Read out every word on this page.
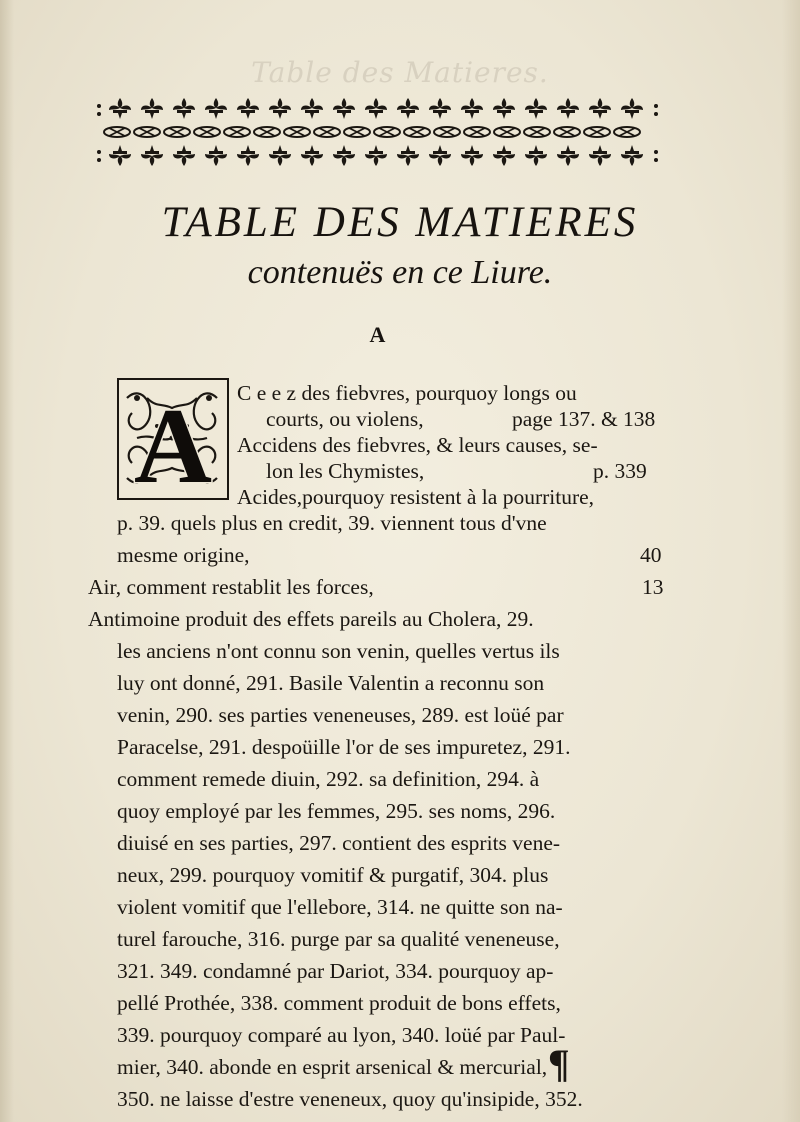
Table des Matieres.
TABLE DES MATIERES
contenuës en ce Liure.
A
A C e e z des fiebvres, pourquoy longs ou
courts, ou violens,	page 137. & 138
Accidens des fiebvres, & leurs causes, se-
lon les Chymistes,	p. 339
Acides,pourquoy resistent à la pourriture,
p. 39. quels plus en credit, 39. viennent tous d'vne
mesme origine,	40
Air, comment restablit les forces,	13
Antimoine produit des effets pareils au Cholera, 29.
les anciens n'ont connu son venin, quelles vertus ils
luy ont donné, 291. Basile Valentin a reconnu son
venin, 290. ses parties veneneuses, 289. est loüé par
Paracelse, 291. despoüille l'or de ses impuretez, 291.
comment remede diuin, 292. sa definition, 294. à
quoy employé par les femmes, 295. ses noms, 296.
diuisé en ses parties, 297. contient des esprits vene-
neux, 299. pourquoy vomitif & purgatif, 304. plus
violent vomitif que l'ellebore, 314. ne quitte son na-
turel farouche, 316. purge par sa qualité veneneuse,
321. 349. condamné par Dariot, 334. pourquoy ap-
pellé Prothée, 338. comment produit de bons effets,
339. pourquoy comparé au lyon, 340. loüé par Paul-
mier, 340. abonde en esprit arsenical & mercurial,
350. ne laisse d'estre veneneux, quoy qu'insipide, 352.
¶
